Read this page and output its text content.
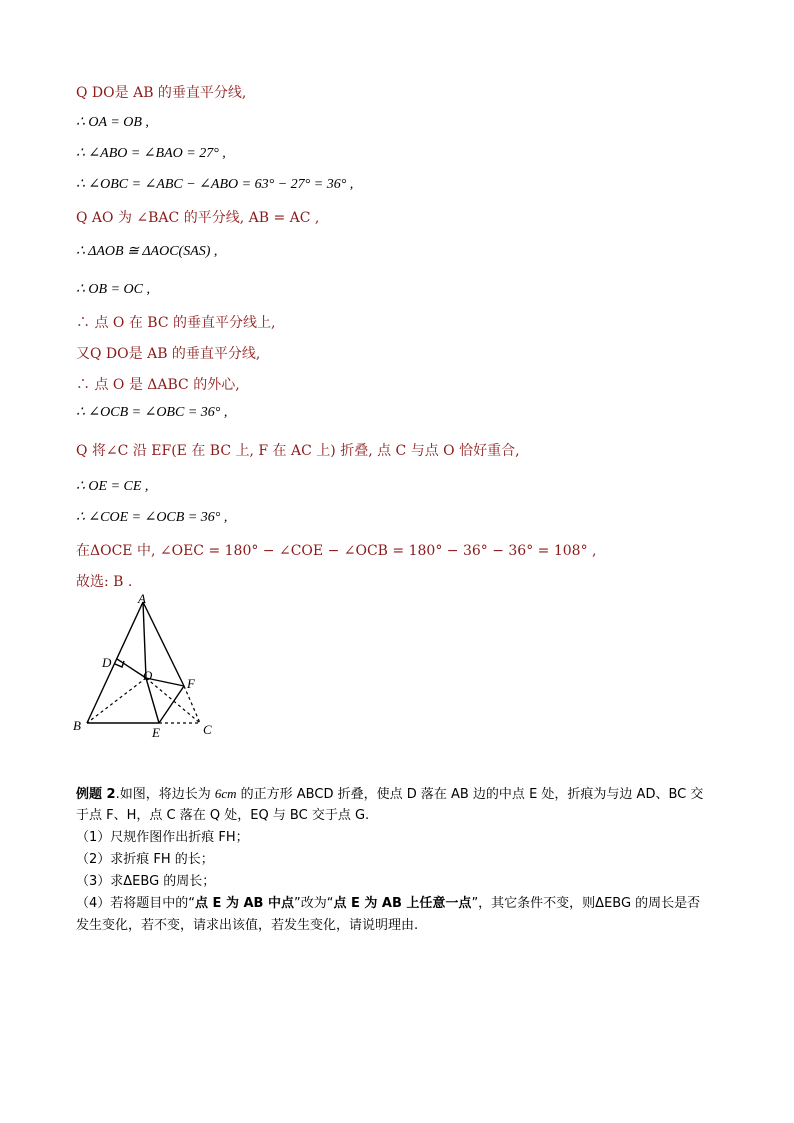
Q DO是 AB 的垂直平分线,
∴ OA = OB ,
∴ ∠ABO = ∠BAO = 27° ,
∴ ∠OBC = ∠ABC − ∠ABO = 63° − 27° = 36° ,
Q AO 为 ∠BAC 的平分线, AB = AC ,
∴ ΔAOB ≅ ΔAOC(SAS) ,
∴ OB = OC ,
∴ 点 O 在 BC 的垂直平分线上,
又Q DO是 AB 的垂直平分线,
∴ 点 O 是 ΔABC 的外心,
∴ ∠OCB = ∠OBC = 36° ,
Q 将∠C 沿 EF(E 在 BC 上, F 在 AC 上) 折叠, 点 C 与点 O 恰好重合,
∴ OE = CE ,
∴ ∠COE = ∠OCB = 36° ,
在ΔOCE 中, ∠OEC = 180° − ∠COE − ∠OCB = 180° − 36° − 36° = 108° ,
故选: B .
A
D
O
F
B	E	C
例题 2.如图，将边长为 6cm 的正方形 ABCD 折叠，使点 D 落在 AB 边的中点 E 处，折痕为与边 AD、BC 交
于点 F、H，点 C 落在 Q 处，EQ 与 BC 交于点 G.
（1）尺规作图作出折痕 FH；
（2）求折痕 FH 的长；
（3）求ΔEBG 的周长；
（4）若将题目中的“点 E 为 AB 中点”改为“点 E 为 AB 上任意一点”，其它条件不变，则ΔEBG 的周长是否
发生变化，若不变，请求出该值，若发生变化，请说明理由.
